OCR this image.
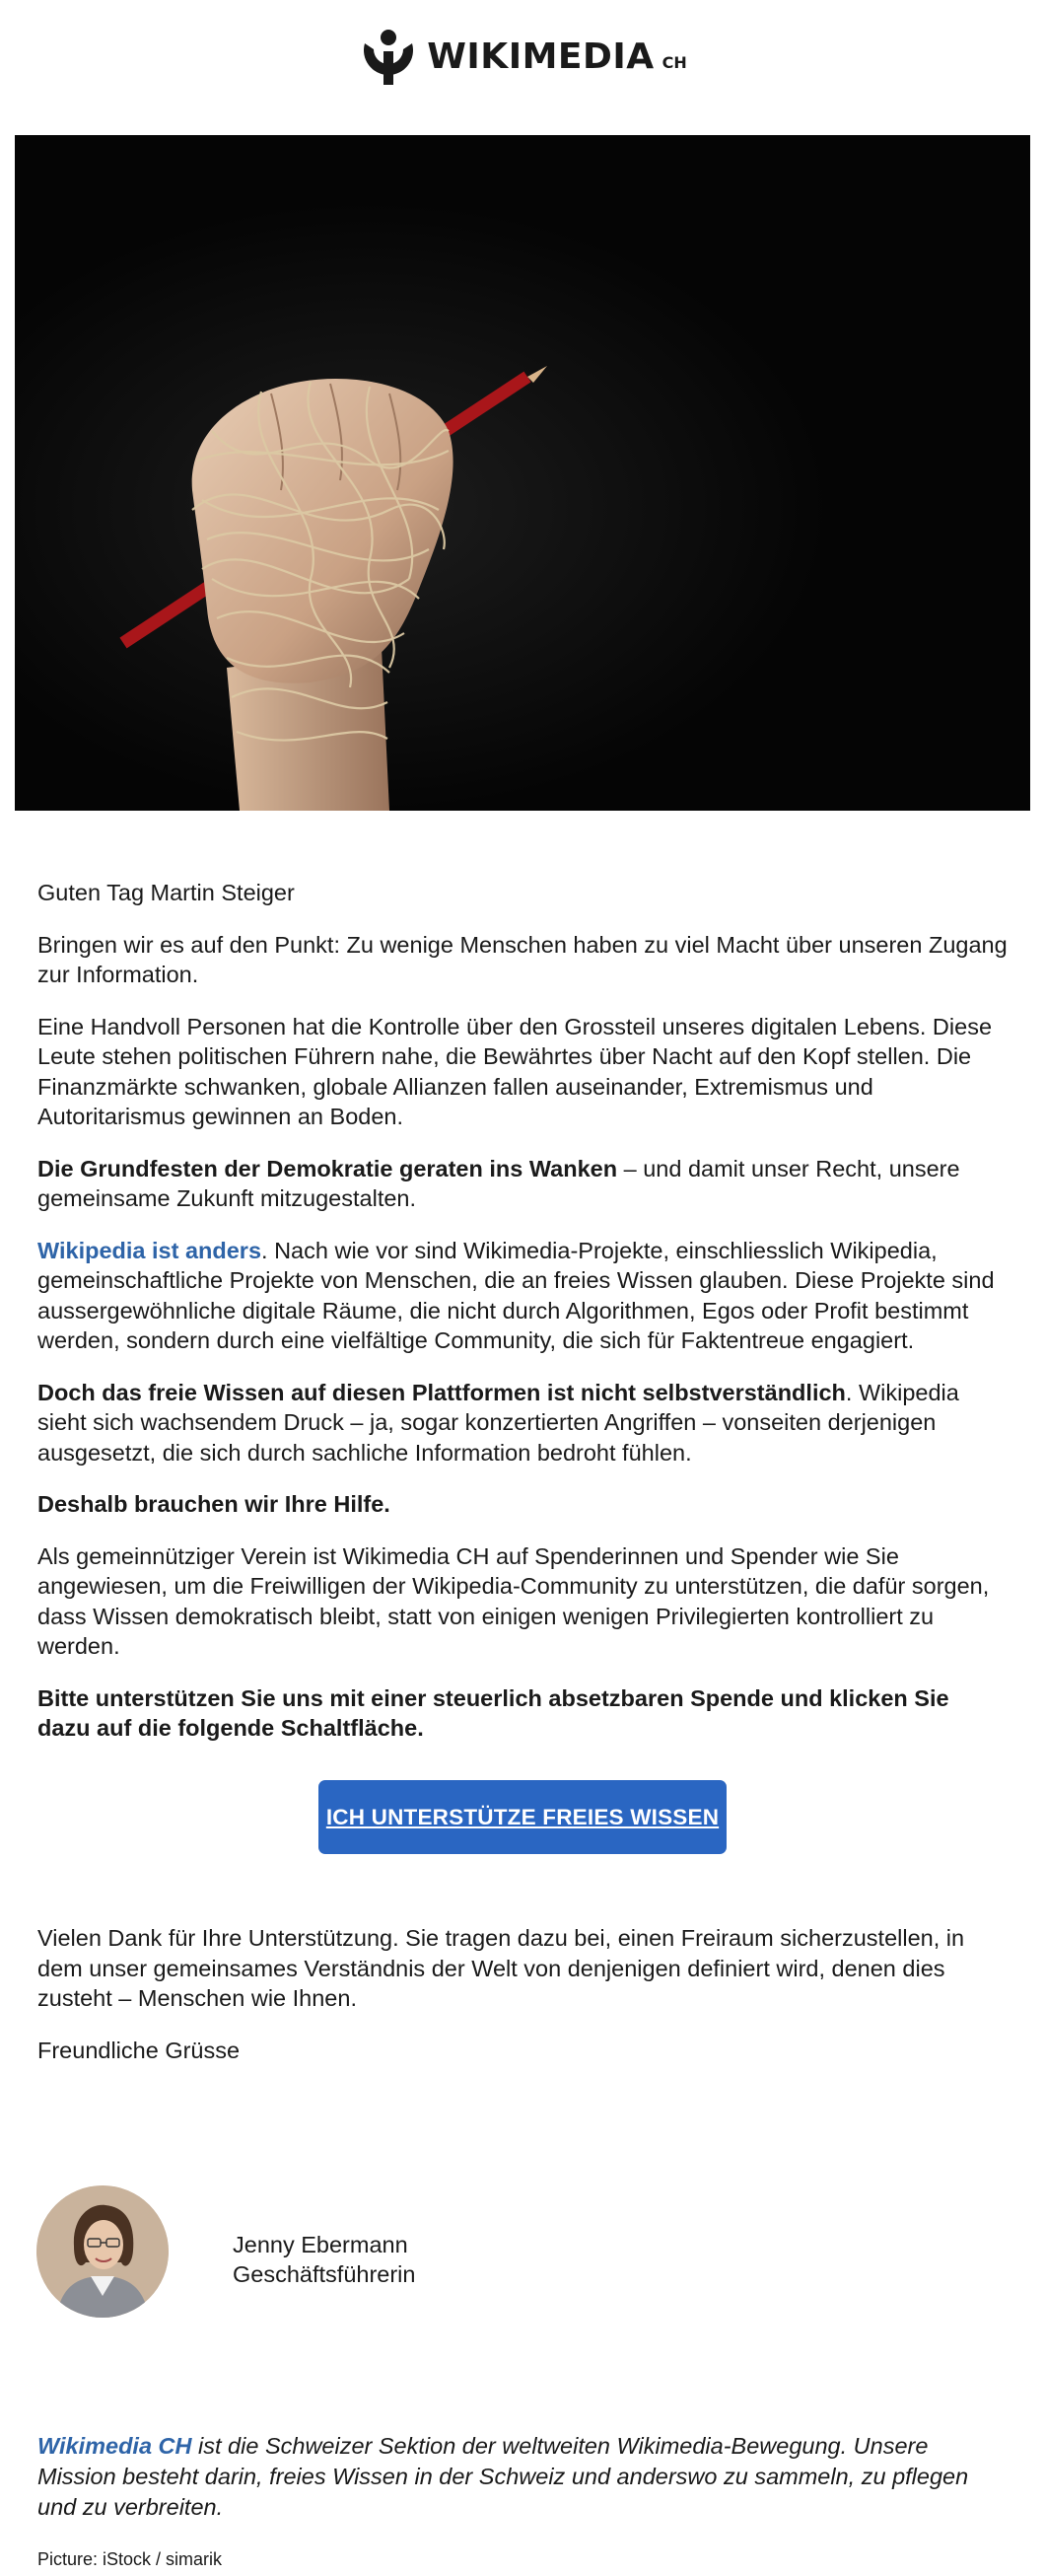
WIKIMEDIA CH

Guten Tag Martin Steiger

Bringen wir es auf den Punkt: Zu wenige Menschen haben zu viel Macht über unseren Zugang zur Information.

Eine Handvoll Personen hat die Kontrolle über den Grossteil unseres digitalen Lebens. Diese Leute stehen politischen Führern nahe, die Bewährtes über Nacht auf den Kopf stellen. Die Finanzmärkte schwanken, globale Allianzen fallen auseinander, Extremismus und Autoritarismus gewinnen an Boden.

Die Grundfesten der Demokratie geraten ins Wanken – und damit unser Recht, unsere gemeinsame Zukunft mitzugestalten.

Wikipedia ist anders. Nach wie vor sind Wikimedia-Projekte, einschliesslich Wikipedia, gemeinschaftliche Projekte von Menschen, die an freies Wissen glauben. Diese Projekte sind aussergewöhnliche digitale Räume, die nicht durch Algorithmen, Egos oder Profit bestimmt werden, sondern durch eine vielfältige Community, die sich für Faktentreue engagiert.

Doch das freie Wissen auf diesen Plattformen ist nicht selbstverständlich. Wikipedia sieht sich wachsendem Druck – ja, sogar konzertierten Angriffen – vonseiten derjenigen ausgesetzt, die sich durch sachliche Information bedroht fühlen.

Deshalb brauchen wir Ihre Hilfe.

Als gemeinnütziger Verein ist Wikimedia CH auf Spenderinnen und Spender wie Sie angewiesen, um die Freiwilligen der Wikipedia-Community zu unterstützen, die dafür sorgen, dass Wissen demokratisch bleibt, statt von einigen wenigen Privilegierten kontrolliert zu werden.

Bitte unterstützen Sie uns mit einer steuerlich absetzbaren Spende und klicken Sie dazu auf die folgende Schaltfläche.

ICH UNTERSTÜTZE FREIES WISSEN

Vielen Dank für Ihre Unterstützung. Sie tragen dazu bei, einen Freiraum sicherzustellen, in dem unser gemeinsames Verständnis der Welt von denjenigen definiert wird, denen dies zusteht – Menschen wie Ihnen.

Freundliche Grüsse

Jenny Ebermann
Geschäftsführerin

Wikimedia CH ist die Schweizer Sektion der weltweiten Wikimedia-Bewegung. Unsere Mission besteht darin, freies Wissen in der Schweiz und anderswo zu sammeln, zu pflegen und zu verbreiten.

Picture: iStock / simarik
